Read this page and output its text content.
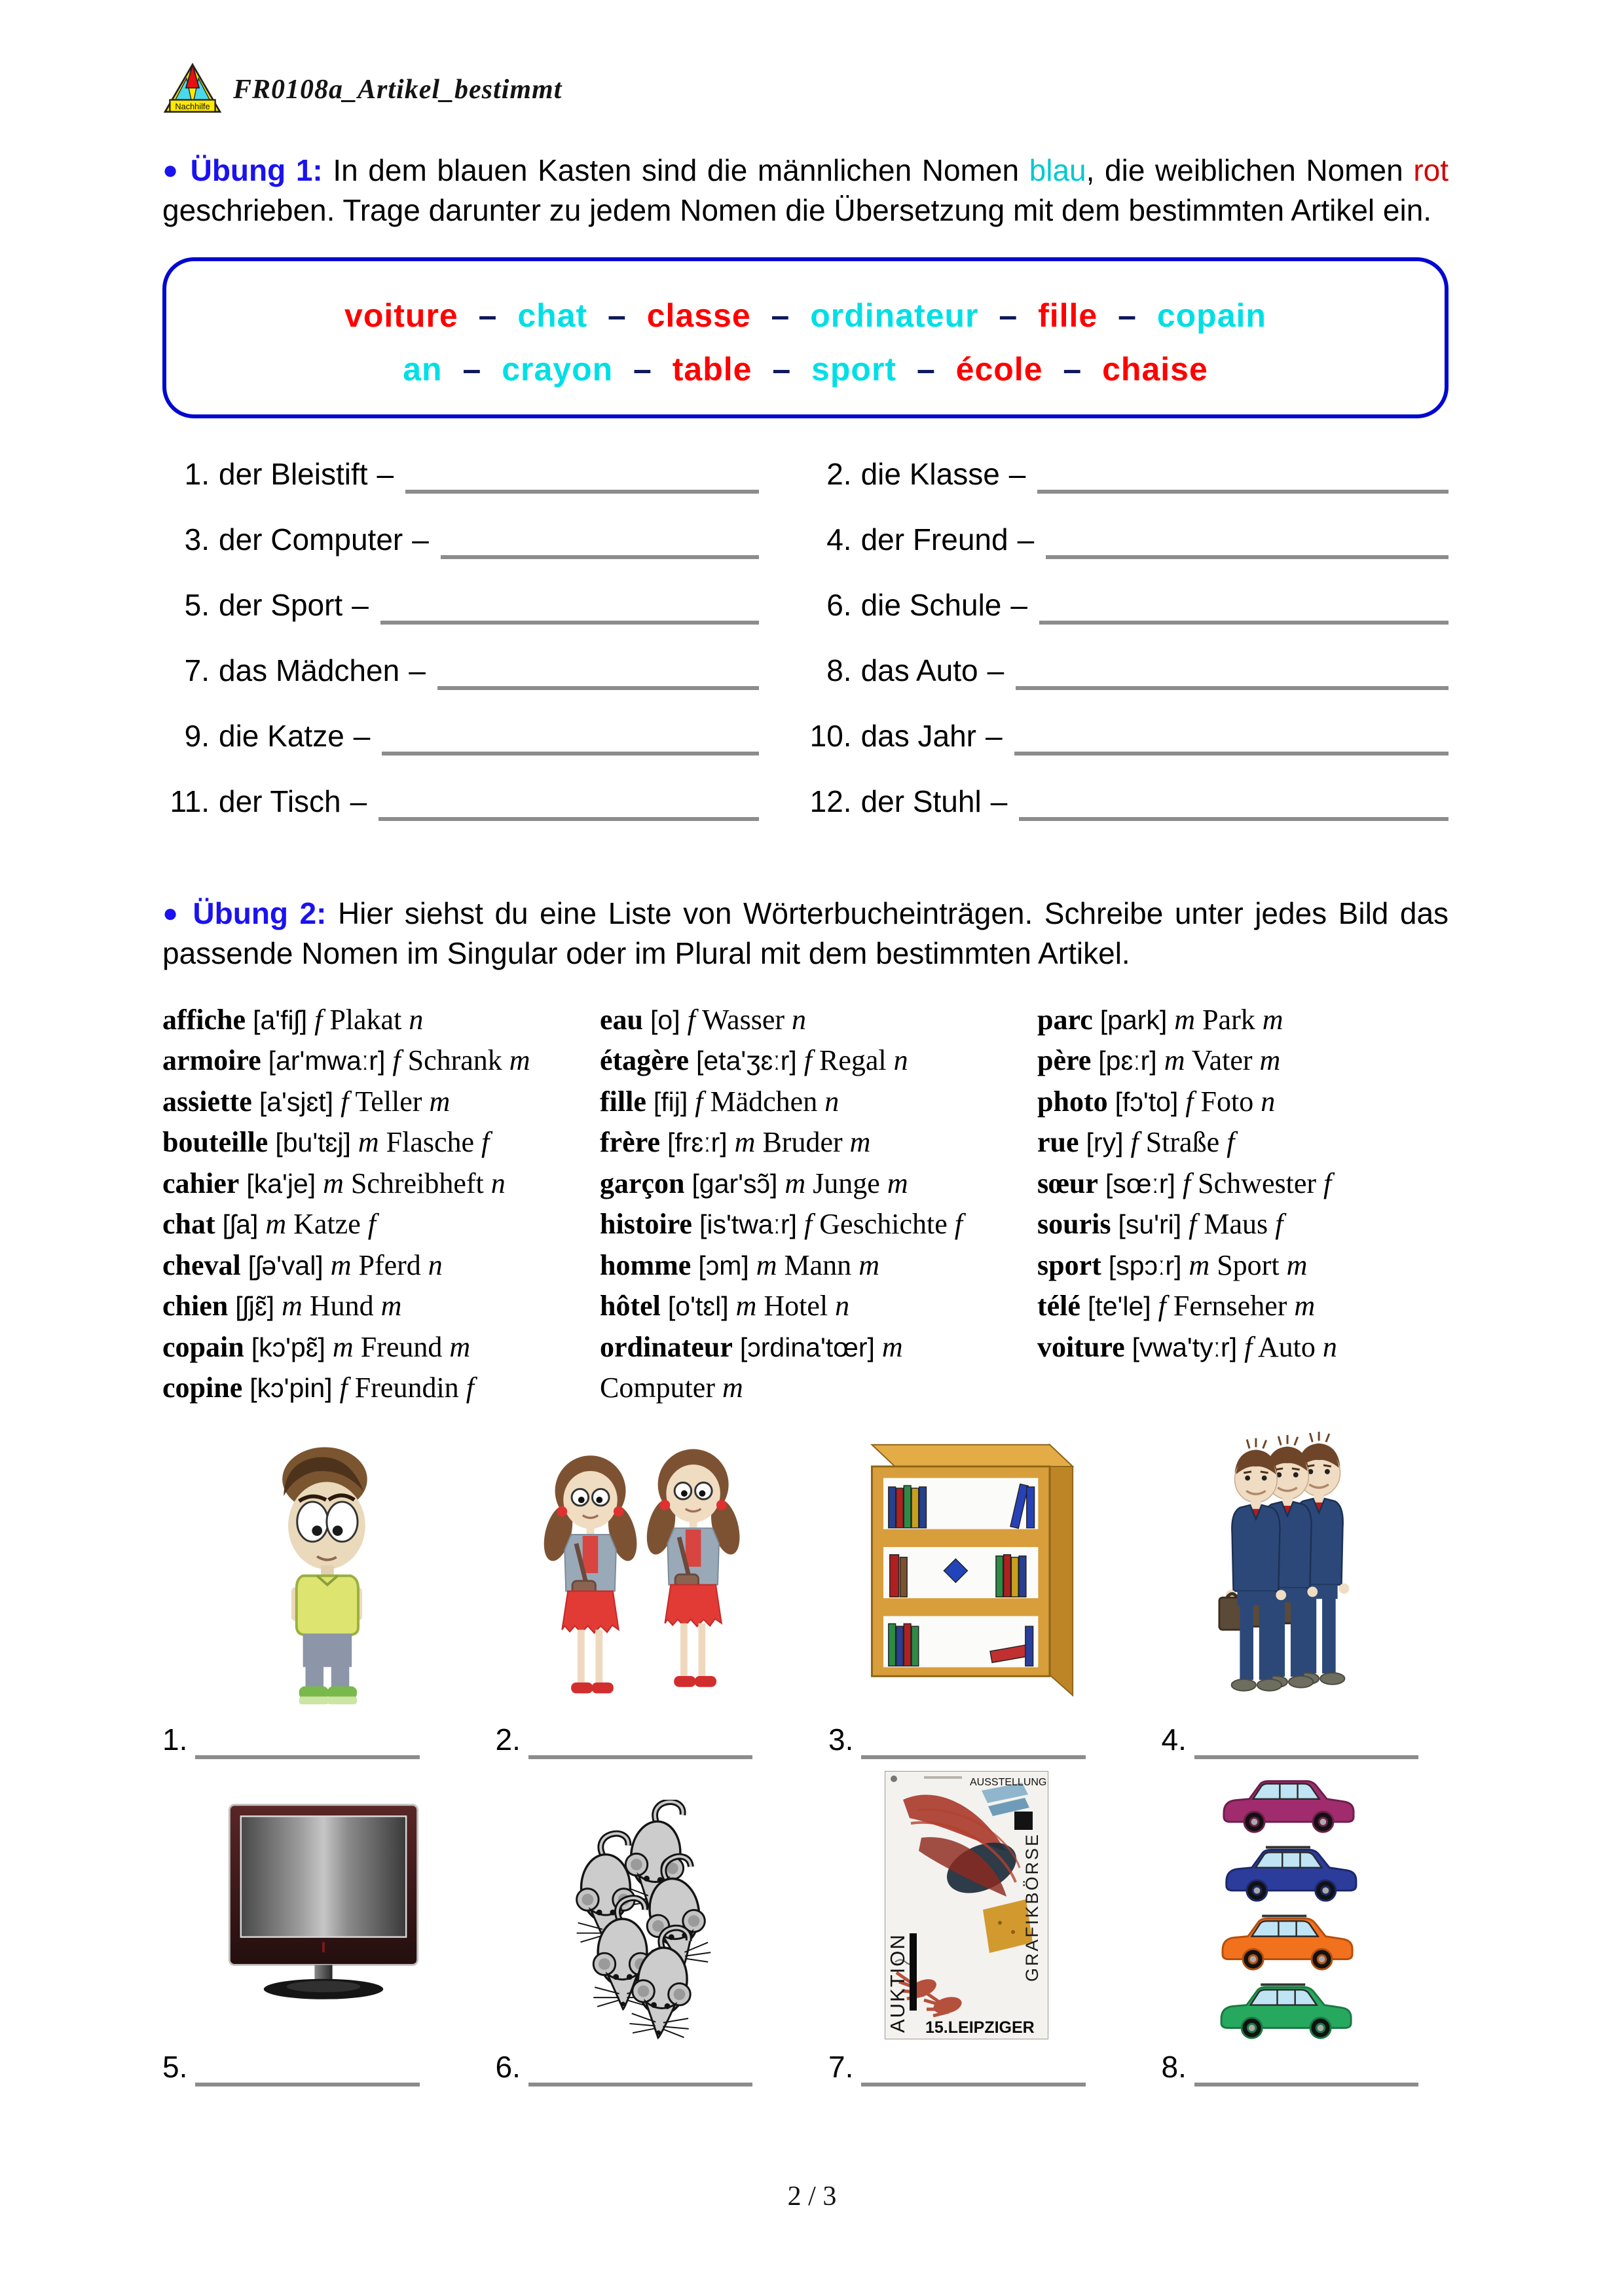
Nachhilfe
FR0108a_Artikel_bestimmt

● Übung 1: In dem blauen Kasten sind die männlichen Nomen blau, die weiblichen Nomen rot geschrieben. Trage darunter zu jedem Nomen die Übersetzung mit dem bestimmten Artikel ein.

voiture – chat – classe – ordinateur – fille – copain
an – crayon – table – sport – école – chaise
1. der Bleistift –	2. die Klasse –
3. der Computer –	4. der Freund –
5. der Sport –	6. die Schule –
7. das Mädchen –	8. das Auto –
9. die Katze –	10. das Jahr –
11. der Tisch –	12. der Stuhl –

● Übung 2: Hier siehst du eine Liste von Wörterbucheinträgen. Schreibe unter jedes Bild das passende Nomen im Singular oder im Plural mit dem bestimmten Artikel.

affiche [a'fiʃ] f Plakat n
armoire [ar'mwaːr] f Schrank m
assiette [a'sjɛt] f Teller m
bouteille [bu'tɛj] m Flasche f
cahier [ka'je] m Schreibheft n
chat [ʃa] m Katze f
cheval [ʃə'val] m Pferd n
chien [ʃjɛ̃] m Hund m
copain [kɔ'pɛ̃] m Freund m
copine [kɔ'pin] f Freundin f
eau [o] f Wasser n
étagère [eta'ʒɛːr] f Regal n
fille [fij] f Mädchen n
frère [frɛːr] m Bruder m
garçon [gar'sɔ̃] m Junge m
histoire [is'twaːr] f Geschichte f
homme [ɔm] m Mann m
hôtel [o'tɛl] m Hotel n
ordinateur [ɔrdina'tœr] m Computer m
parc [park] m Park m
père [pɛːr] m Vater m
photo [fɔ'to] f Foto n
rue [ry] f Straße f
sœur [sœːr] f Schwester f
souris [su'ri] f Maus f
sport [spɔːr] m Sport m
télé [te'le] f Fernseher m
voiture [vwa'tyːr] f Auto n
1.	2.	3.	4.
AUKTION
GRAFIKBÖRSE
AUSSTELLUNG
15.LEIPZIGER
5.	6.	7.	8.
2 / 3
